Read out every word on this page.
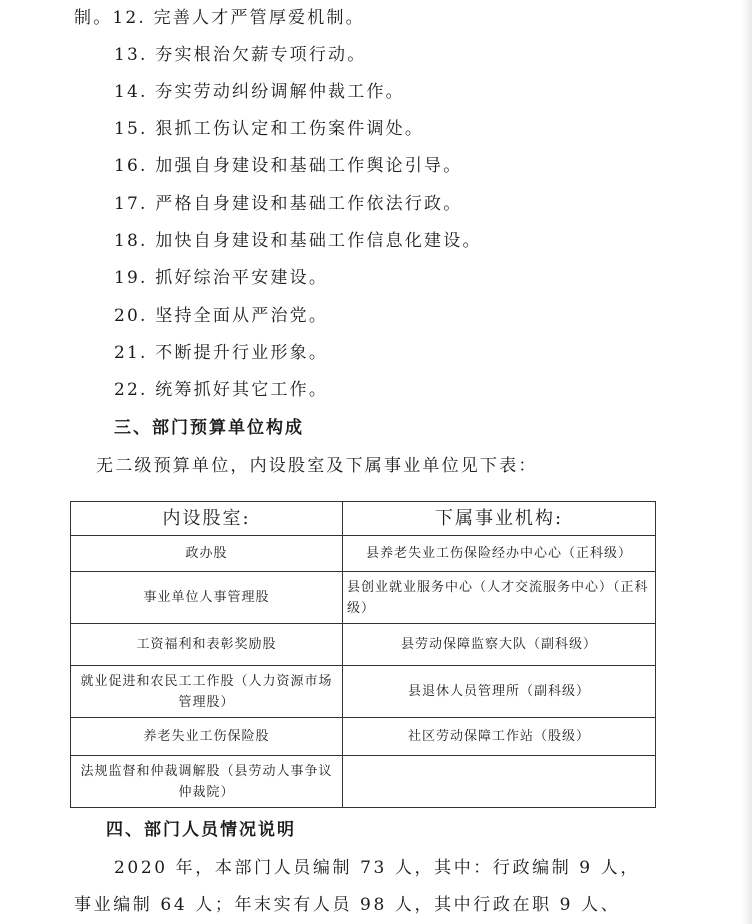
制。12. 完善人才严管厚爱机制。
13. 夯实根治欠薪专项行动。
14. 夯实劳动纠纷调解仲裁工作。
15. 狠抓工伤认定和工伤案件调处。
16. 加强自身建设和基础工作舆论引导。
17. 严格自身建设和基础工作依法行政。
18. 加快自身建设和基础工作信息化建设。
19. 抓好综治平安建设。
20. 坚持全面从严治党。
21. 不断提升行业形象。
22. 统筹抓好其它工作。
三、部门预算单位构成
无二级预算单位，内设股室及下属事业单位见下表：
内设股室:	下属事业机构:
政办股	县养老失业工伤保险经办中心心（正科级）
事业单位人事管理股	县创业就业服务中心（人才交流服务中心）（正科级）
工资福利和表彰奖励股	县劳动保障监察大队（副科级）
就业促进和农民工工作股（人力资源市场管理股）	县退休人员管理所（副科级）
养老失业工伤保险股	社区劳动保障工作站（股级）
法规监督和仲裁调解股（县劳动人事争议仲裁院）	
四、部门人员情况说明
2020 年，本部门人员编制 73 人，其中：行政编制 9 人，
事业编制 64 人；年末实有人员 98 人，其中行政在职 9 人、
